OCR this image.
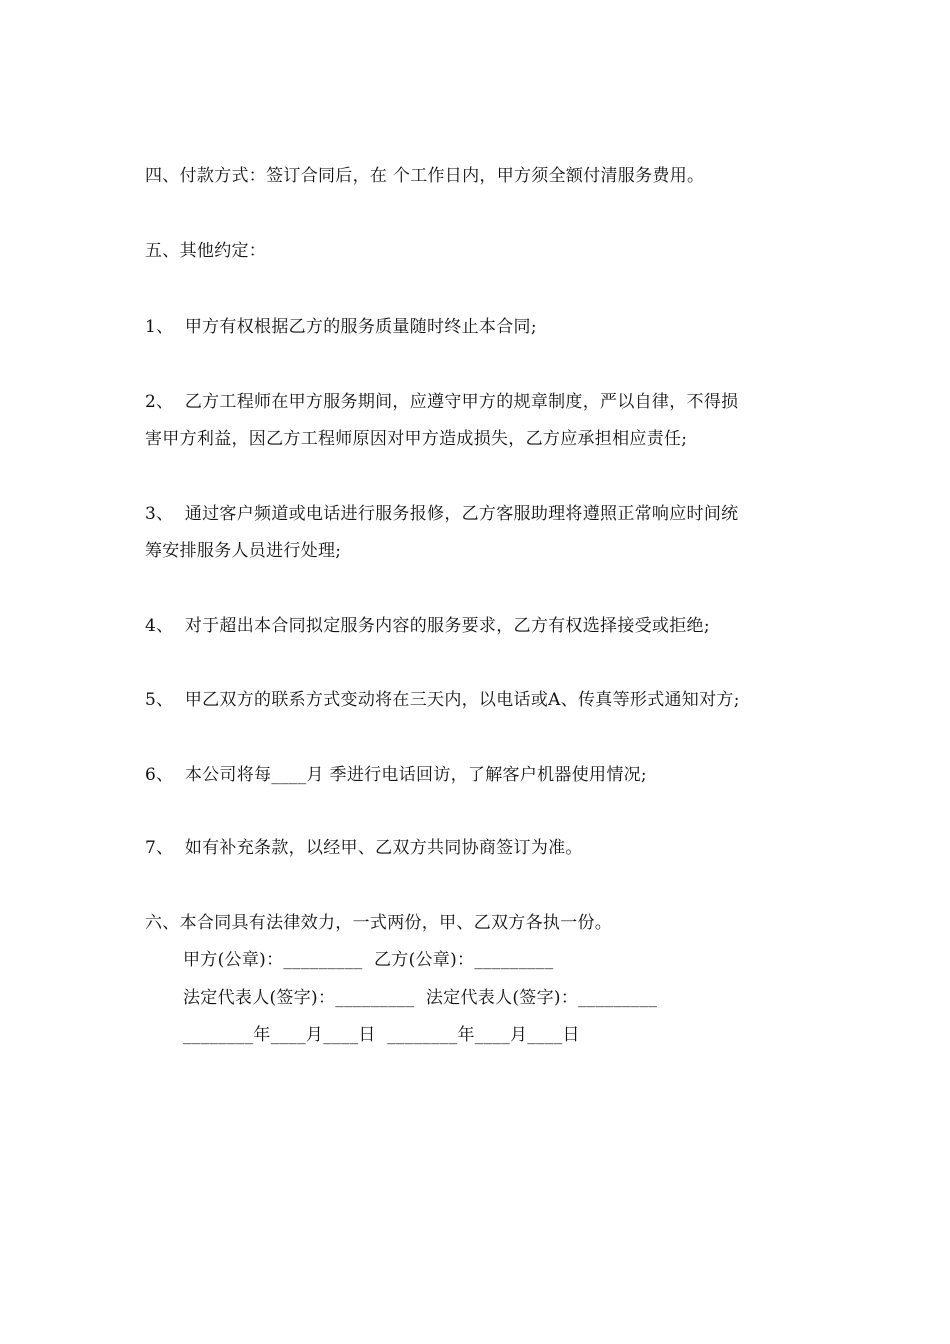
四、付款方式：签订合同后，在 个工作日内，甲方须全额付清服务费用。
五、其他约定：
1、  甲方有权根据乙方的服务质量随时终止本合同;
2、  乙方工程师在甲方服务期间，应遵守甲方的规章制度，严以自律，不得损
害甲方利益，因乙方工程师原因对甲方造成损失，乙方应承担相应责任;
3、  通过客户频道或电话进行服务报修，乙方客服助理将遵照正常响应时间统
筹安排服务人员进行处理;
4、  对于超出本合同拟定服务内容的服务要求，乙方有权选择接受或拒绝;
5、  甲乙双方的联系方式变动将在三天内，以电话或A、传真等形式通知对方;
6、  本公司将每____月 季进行电话回访，了解客户机器使用情况;
7、  如有补充条款，以经甲、乙双方共同协商签订为准。
六、本合同具有法律效力，一式两份，甲、乙双方各执一份。
甲方(公章)：_________  乙方(公章)：_________
法定代表人(签字)：_________  法定代表人(签字)：_________
________年____月____日  ________年____月____日
